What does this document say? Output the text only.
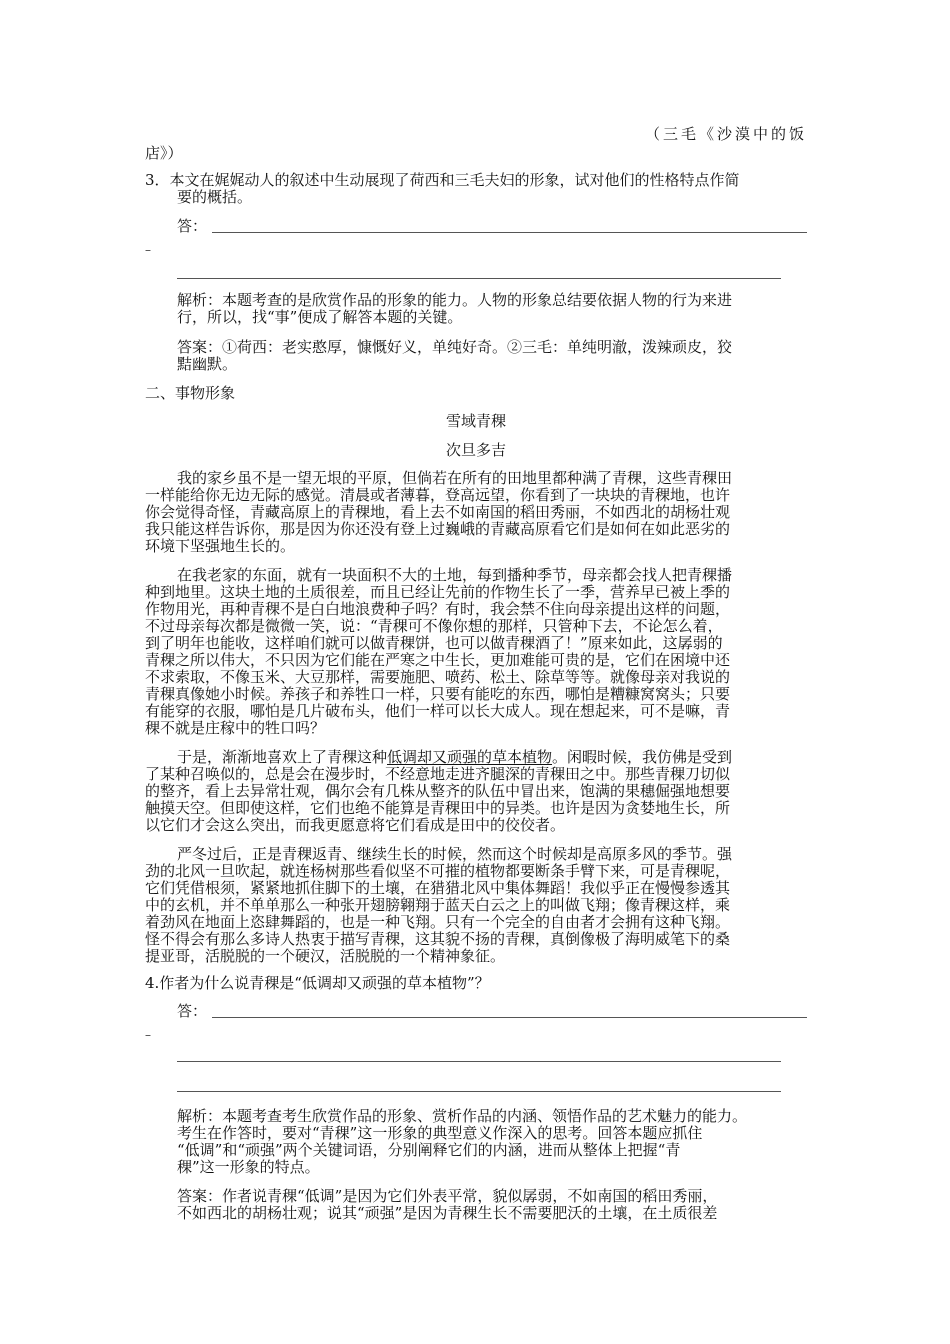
（三毛《沙漠中的饭
店》）
3．本文在娓娓动人的叙述中生动展现了荷西和三毛夫妇的形象，试对他们的性格特点作简
要的概括。
答：
–
解析：本题考查的是欣赏作品的形象的能力。人物的形象总结要依据人物的行为来进
行，所以，找“事”便成了解答本题的关键。
答案：①荷西：老实憨厚，慷慨好义，单纯好奇。②三毛：单纯明澈，泼辣顽皮，狡
黠幽默。
二、事物形象
雪域青稞
次旦多吉
我的家乡虽不是一望无垠的平原，但倘若在所有的田地里都种满了青稞，这些青稞田
一样能给你无边无际的感觉。清晨或者薄暮，登高远望，你看到了一块块的青稞地，也许
你会觉得奇怪，青藏高原上的青稞地，看上去不如南国的稻田秀丽，不如西北的胡杨壮观
我只能这样告诉你，那是因为你还没有登上过巍峨的青藏高原看它们是如何在如此恶劣的
环境下坚强地生长的。
在我老家的东面，就有一块面积不大的土地，每到播种季节，母亲都会找人把青稞播
种到地里。这块土地的土质很差，而且已经让先前的作物生长了一季，营养早已被上季的
作物用光，再种青稞不是白白地浪费种子吗？有时，我会禁不住向母亲提出这样的问题，
不过母亲每次都是微微一笑，说：“青稞可不像你想的那样，只管种下去，不论怎么着，
到了明年也能收，这样咱们就可以做青稞饼，也可以做青稞酒了！”原来如此，这孱弱的
青稞之所以伟大，不只因为它们能在严寒之中生长，更加难能可贵的是，它们在困境中还
不求索取，不像玉米、大豆那样，需要施肥、喷药、松土、除草等等。就像母亲对我说的
青稞真像她小时候。养孩子和养牲口一样，只要有能吃的东西，哪怕是糟糠窝窝头；只要
有能穿的衣服，哪怕是几片破布头，他们一样可以长大成人。现在想起来，可不是嘛，青
稞不就是庄稼中的牲口吗？
于是，渐渐地喜欢上了青稞这种低调却又顽强的草本植物。闲暇时候，我仿佛是受到
了某种召唤似的，总是会在漫步时，不经意地走进齐腿深的青稞田之中。那些青稞刀切似
的整齐，看上去异常壮观，偶尔会有几株从整齐的队伍中冒出来，饱满的果穗倔强地想要
触摸天空。但即使这样，它们也绝不能算是青稞田中的异类。也许是因为贪婪地生长，所
以它们才会这么突出，而我更愿意将它们看成是田中的佼佼者。
严冬过后，正是青稞返青、继续生长的时候，然而这个时候却是高原多风的季节。强
劲的北风一旦吹起，就连杨树那些看似坚不可摧的植物都要断条手臂下来，可是青稞呢，
它们凭借根须，紧紧地抓住脚下的土壤，在猎猎北风中集体舞蹈！我似乎正在慢慢参透其
中的玄机，并不单单那么一种张开翅膀翱翔于蓝天白云之上的叫做飞翔；像青稞这样，乘
着劲风在地面上恣肆舞蹈的，也是一种飞翔。只有一个完全的自由者才会拥有这种飞翔。
怪不得会有那么多诗人热衷于描写青稞，这其貌不扬的青稞，真倒像极了海明威笔下的桑
提亚哥，活脱脱的一个硬汉，活脱脱的一个精神象征。
4.作者为什么说青稞是“低调却又顽强的草本植物”？
答：
–
解析：本题考查考生欣赏作品的形象、赏析作品的内涵、领悟作品的艺术魅力的能力。
考生在作答时，要对“青稞”这一形象的典型意义作深入的思考。回答本题应抓住
“低调”和“顽强”两个关键词语，分别阐释它们的内涵，进而从整体上把握“青
稞”这一形象的特点。
答案：作者说青稞“低调”是因为它们外表平常，貌似孱弱，不如南国的稻田秀丽，
不如西北的胡杨壮观；说其“顽强”是因为青稞生长不需要肥沃的土壤，在土质很差
